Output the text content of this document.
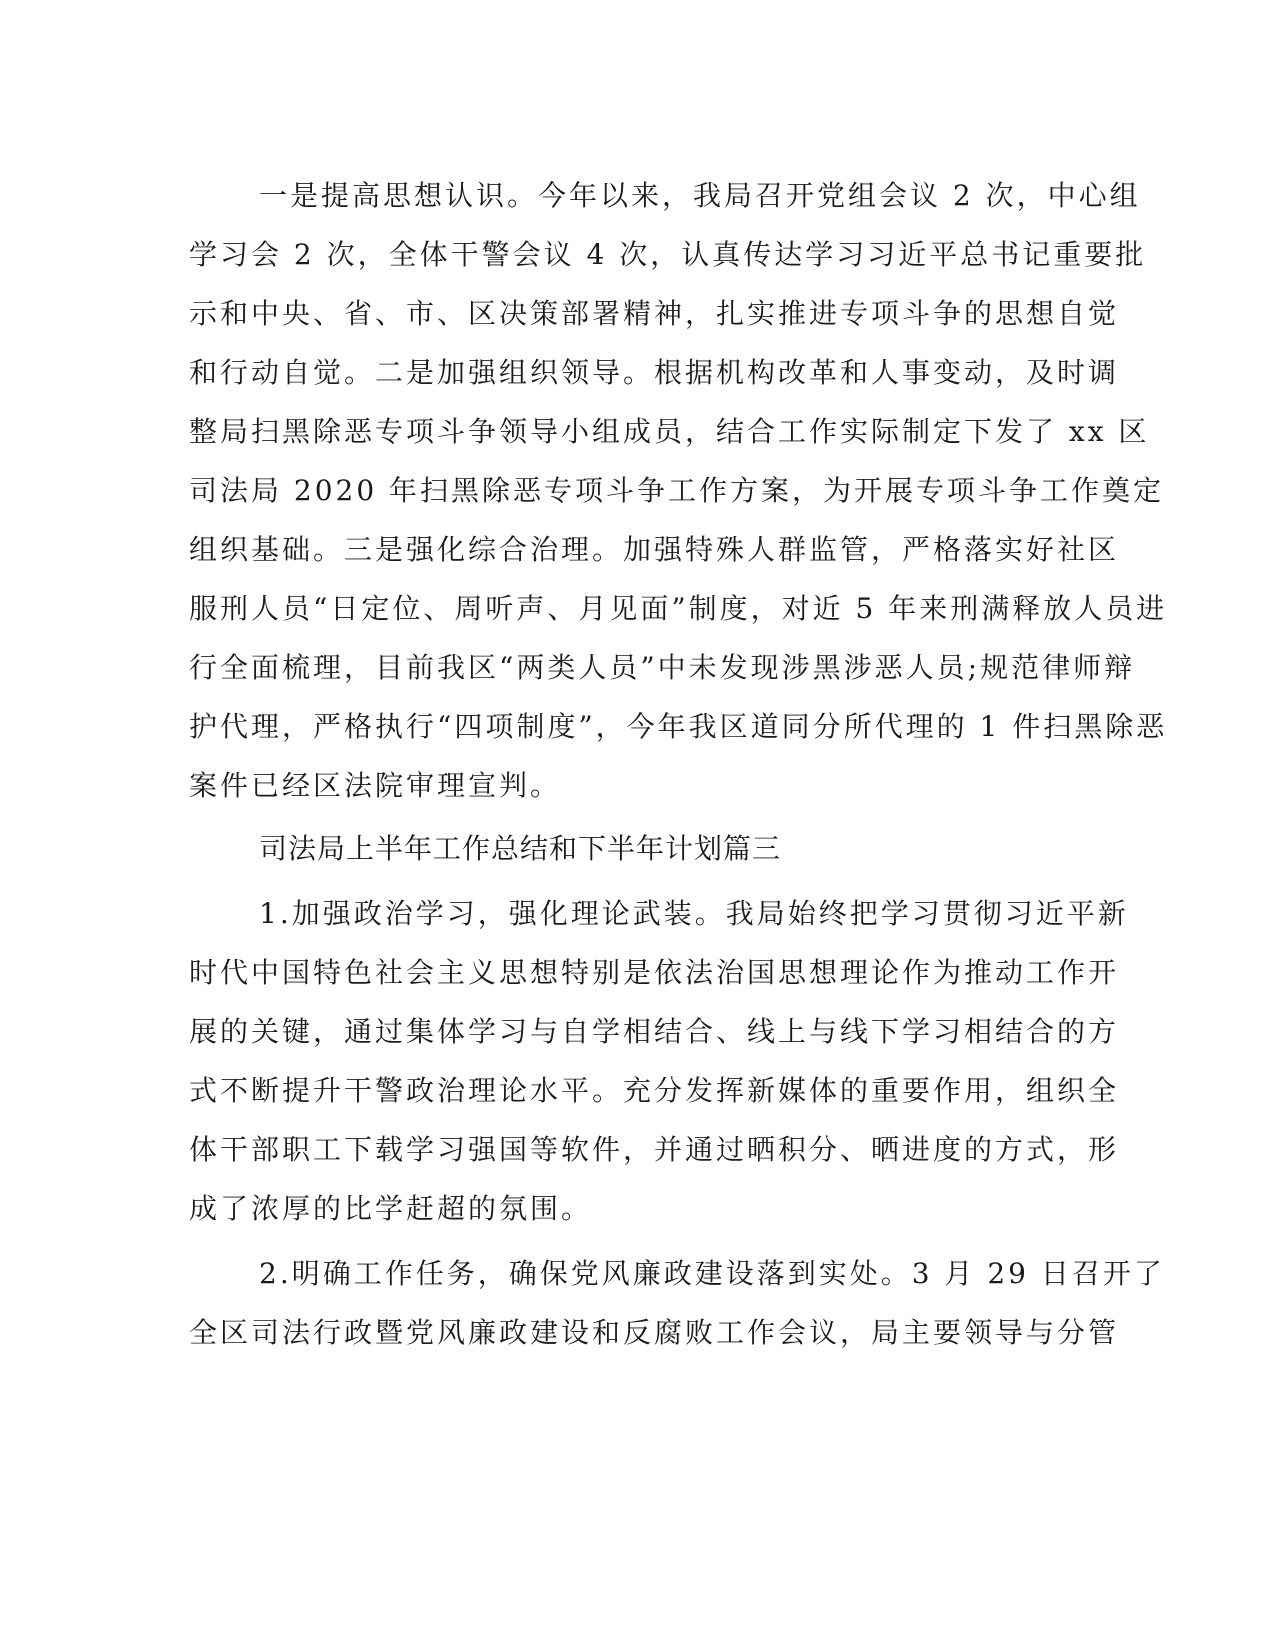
一是提高思想认识。今年以来，我局召开党组会议 2 次，中心组
学习会 2 次，全体干警会议 4 次，认真传达学习习近平总书记重要批
示和中央、省、市、区决策部署精神，扎实推进专项斗争的思想自觉
和行动自觉。二是加强组织领导。根据机构改革和人事变动，及时调
整局扫黑除恶专项斗争领导小组成员，结合工作实际制定下发了 xx 区
司法局 2020 年扫黑除恶专项斗争工作方案，为开展专项斗争工作奠定
组织基础。三是强化综合治理。加强特殊人群监管，严格落实好社区
服刑人员“日定位、周听声、月见面”制度，对近 5 年来刑满释放人员进
行全面梳理，目前我区“两类人员”中未发现涉黑涉恶人员;规范律师辩
护代理，严格执行“四项制度”，今年我区道同分所代理的 1 件扫黑除恶
案件已经区法院审理宣判。
司法局上半年工作总结和下半年计划篇三
1.加强政治学习，强化理论武装。我局始终把学习贯彻习近平新
时代中国特色社会主义思想特别是依法治国思想理论作为推动工作开
展的关键，通过集体学习与自学相结合、线上与线下学习相结合的方
式不断提升干警政治理论水平。充分发挥新媒体的重要作用，组织全
体干部职工下载学习强国等软件，并通过晒积分、晒进度的方式，形
成了浓厚的比学赶超的氛围。
2.明确工作任务，确保党风廉政建设落到实处。3 月 29 日召开了
全区司法行政暨党风廉政建设和反腐败工作会议，局主要领导与分管
